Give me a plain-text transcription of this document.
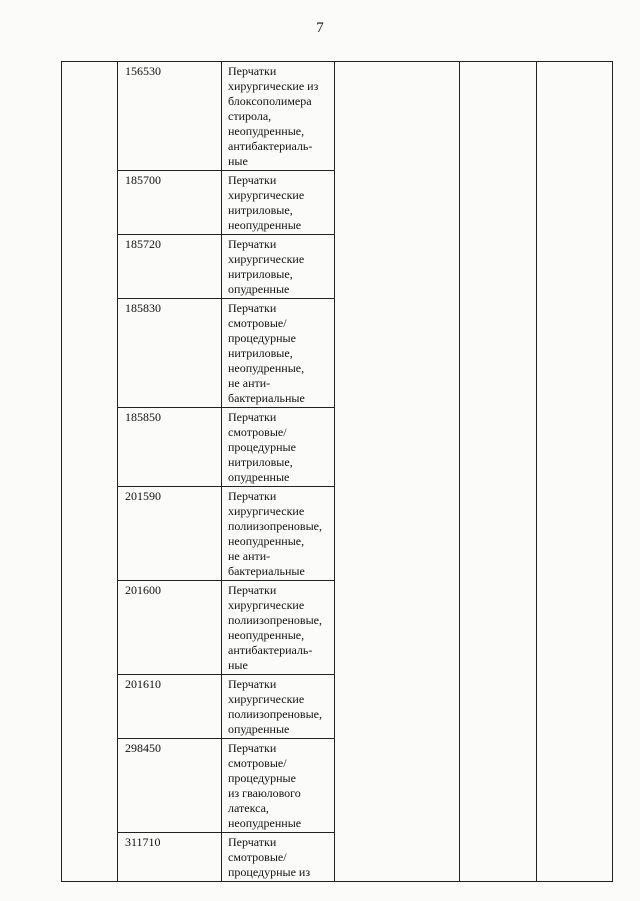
7

156530	Перчатки
хирургические из
блоксополимера
стирола,
неопудренные,
антибактериаль-
ные
185700	Перчатки
хирургические
нитриловые,
неопудренные
185720	Перчатки
хирургические
нитриловые,
опудренные
185830	Перчатки
смотровые/
процедурные
нитриловые,
неопудренные,
не анти-
бактериальные
185850	Перчатки
смотровые/
процедурные
нитриловые,
опудренные
201590	Перчатки
хирургические
полиизопреновые,
неопудренные,
не анти-
бактериальные
201600	Перчатки
хирургические
полиизопреновые,
неопудренные,
антибактериаль-
ные
201610	Перчатки
хирургические
полиизопреновые,
опудренные
298450	Перчатки
смотровые/
процедурные
из гваюлового
латекса,
неопудренные
311710	Перчатки
смотровые/
процедурные из
